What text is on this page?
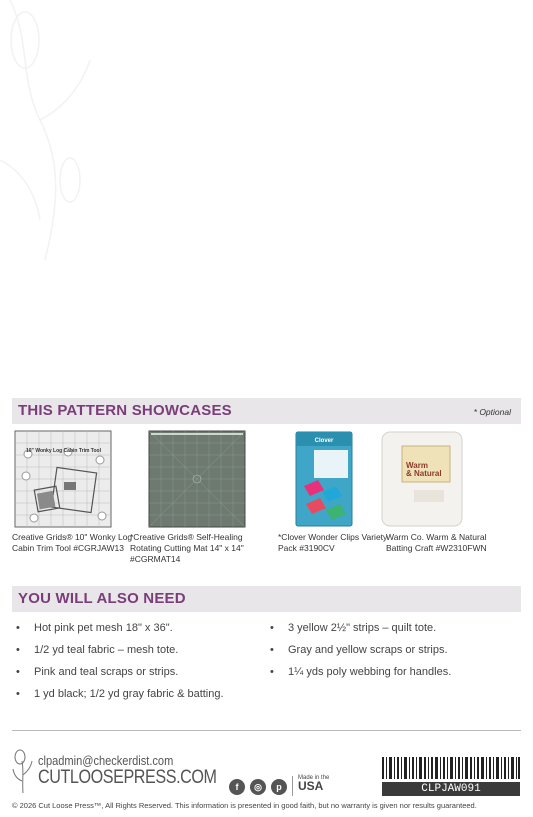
THIS PATTERN SHOWCASES	* Optional
10" Wonky Log Cabin Trim Tool
Creative Grids® 10" Wonky Log Cabin Trim Tool #CGRJAW13
*Creative Grids® Self-Healing Rotating Cutting Mat 14" x 14" #CGRMAT14
Clover
*Clover Wonder Clips Variety Pack #3190CV
Warm
& Natural
Warm Co. Warm & Natural Batting Craft #W2310FWN
YOU WILL ALSO NEED
• Hot pink pet mesh 18" x 36".
• 1/2 yd teal fabric – mesh tote.
• Pink and teal scraps or strips.
• 1 yd black; 1/2 yd gray fabric & batting.
• 3 yellow 2½" strips – quilt tote.
• Gray and yellow scraps or strips.
• 1¼ yds poly webbing for handles.
clpadmin@checkerdist.com
CUTLOOSEPRESS.COM	f	◎	p
Made in the
USA	CLPJAW091
© 2026 Cut Loose Press™, All Rights Reserved. This information is presented in good faith, but no warranty is given nor results guaranteed.
